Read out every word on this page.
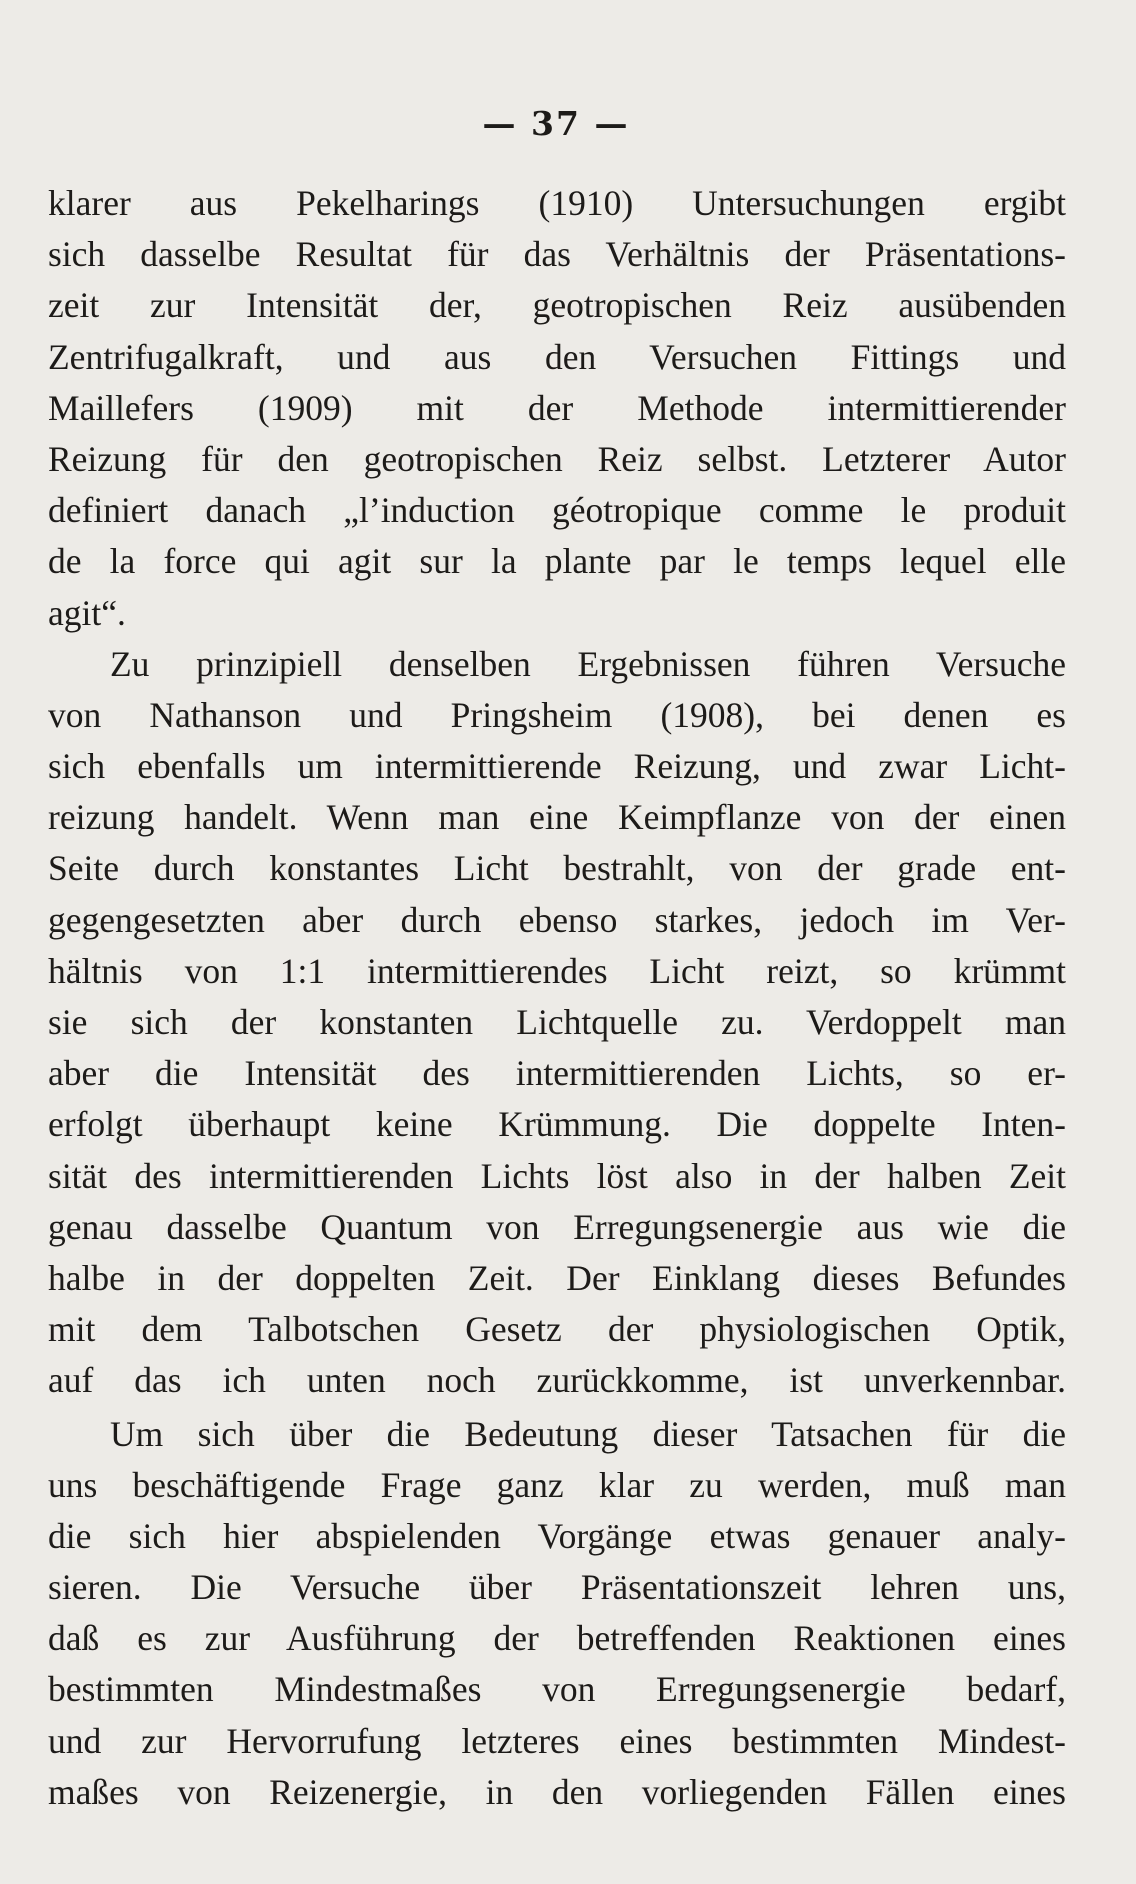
— 37 —
klarer aus Pekelharings (1910) Untersuchungen ergibt
sich dasselbe Resultat für das Verhältnis der Präsentations-
zeit zur Intensität der, geotropischen Reiz ausübenden
Zentrifugalkraft, und aus den Versuchen Fittings und
Maillefers (1909) mit der Methode intermittierender
Reizung für den geotropischen Reiz selbst. Letzterer Autor
definiert danach „l’induction géotropique comme le produit
de la force qui agit sur la plante par le temps lequel elle
agit“.
Zu prinzipiell denselben Ergebnissen führen Versuche
von Nathanson und Pringsheim (1908), bei denen es
sich ebenfalls um intermittierende Reizung, und zwar Licht-
reizung handelt. Wenn man eine Keimpflanze von der einen
Seite durch konstantes Licht bestrahlt, von der grade ent-
gegengesetzten aber durch ebenso starkes, jedoch im Ver-
hältnis von 1:1 intermittierendes Licht reizt, so krümmt
sie sich der konstanten Lichtquelle zu. Verdoppelt man
aber die Intensität des intermittierenden Lichts, so er-
erfolgt überhaupt keine Krümmung. Die doppelte Inten-
sität des intermittierenden Lichts löst also in der halben Zeit
genau dasselbe Quantum von Erregungsenergie aus wie die
halbe in der doppelten Zeit. Der Einklang dieses Befundes
mit dem Talbotschen Gesetz der physiologischen Optik,
auf das ich unten noch zurückkomme, ist unverkennbar.
Um sich über die Bedeutung dieser Tatsachen für die
uns beschäftigende Frage ganz klar zu werden, muß man
die sich hier abspielenden Vorgänge etwas genauer analy-
sieren. Die Versuche über Präsentationszeit lehren uns,
daß es zur Ausführung der betreffenden Reaktionen eines
bestimmten Mindestmaßes von Erregungsenergie bedarf,
und zur Hervorrufung letzteres eines bestimmten Mindest-
maßes von Reizenergie, in den vorliegenden Fällen eines
